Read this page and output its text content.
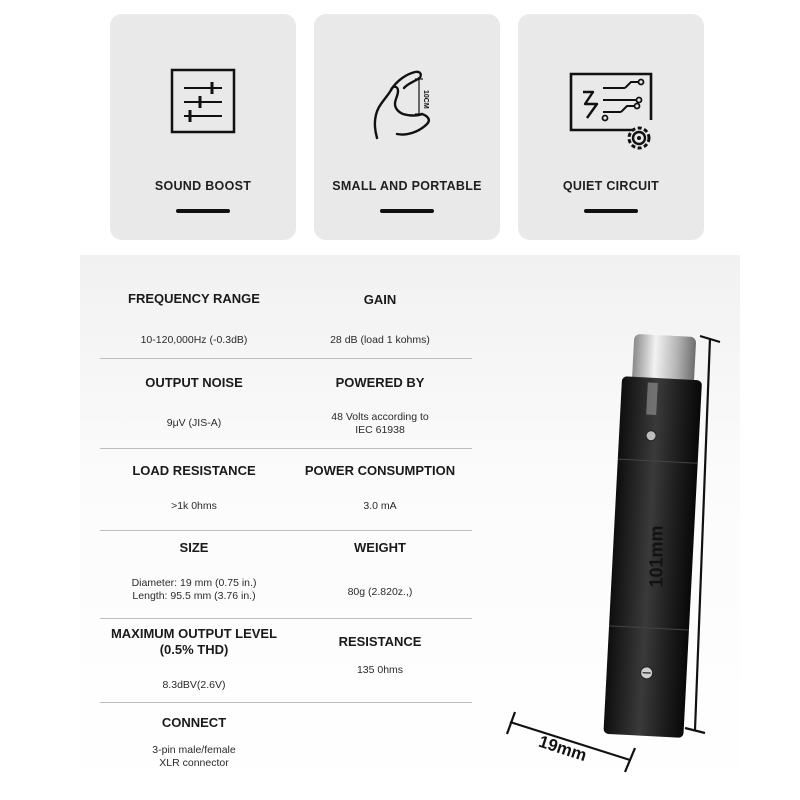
SOUND BOOST
10CM
SMALL AND PORTABLE	QUIET CIRCUIT
FREQUENCY RANGE
10-120,000Hz (-0.3dB)
GAIN
28 dB (load 1 kohms)
OUTPUT NOISE
9μV (JIS-A)
POWERED BY
48 Volts according to
IEC 61938
LOAD RESISTANCE
>1k 0hms
POWER CONSUMPTION
3.0 mA
SIZE
Diameter: 19 mm (0.75 in.)
Length: 95.5 mm (3.76 in.)
WEIGHT
80g (2.820z.,)
MAXIMUM OUTPUT LEVEL
(0.5% THD)
8.3dBV(2.6V)
RESISTANCE
135 0hms
CONNECT
3-pin male/female
XLR connector
101mm
19mm
